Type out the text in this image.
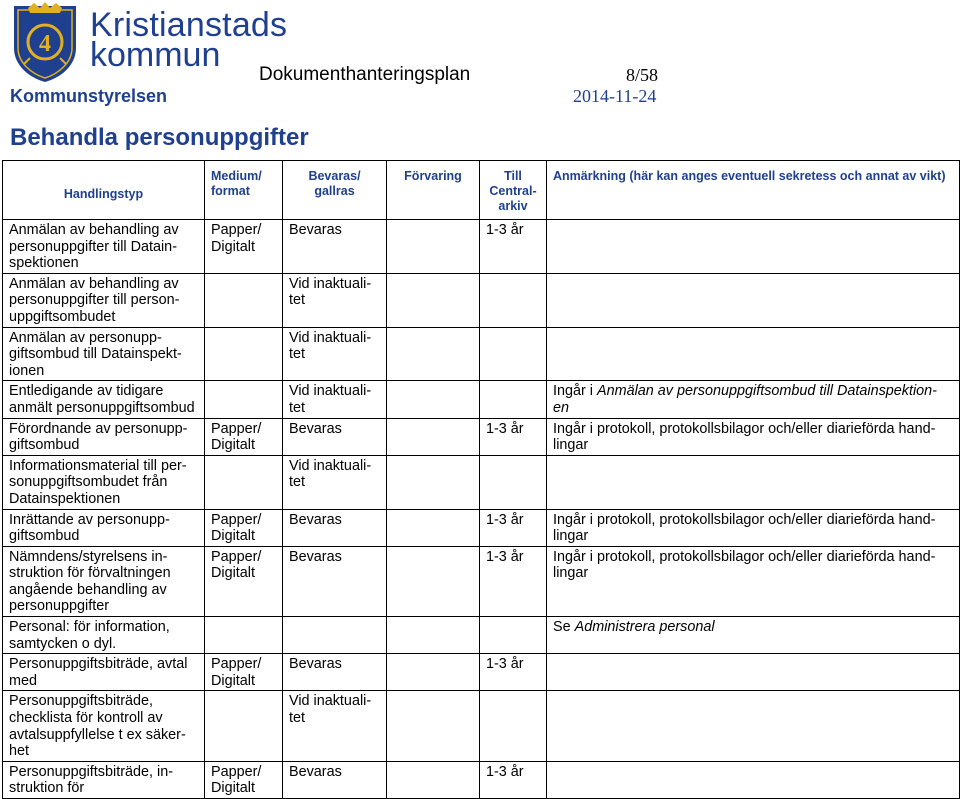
4 Kristianstads
kommun
Dokumenthanteringsplan	8/58
Kommunstyrelsen	2014-11-24
Behandla personuppgifter
Handlingstyp	Medium/ format	Bevaras/ gallras	Förvaring	Till Central- arkiv	Anmärkning (här kan anges eventuell sekretess och annat av vikt)
Anmälan av behandling av personuppgifter till Datain- spektionen	Papper/ Digitalt	Bevaras		1-3 år	
Anmälan av behandling av personuppgifter till person- uppgiftsombudet		Vid inaktuali- tet			
Anmälan av personupp- giftsombud till Datainspekt- ionen		Vid inaktuali- tet			
Entledigande av tidigare anmält personuppgiftsombud		Vid inaktuali- tet			Ingår i Anmälan av personuppgiftsombud till Datainspektion- en
Förordnande av personupp- giftsombud	Papper/ Digitalt	Bevaras		1-3 år	Ingår i protokoll, protokollsbilagor och/eller diarieförda hand- lingar
Informationsmaterial till per- sonuppgiftsombudet från Datainspektionen		Vid inaktuali- tet			
Inrättande av personupp- giftsombud	Papper/ Digitalt	Bevaras		1-3 år	Ingår i protokoll, protokollsbilagor och/eller diarieförda hand- lingar
Nämndens/styrelsens in- struktion för förvaltningen angående behandling av personuppgifter	Papper/ Digitalt	Bevaras		1-3 år	Ingår i protokoll, protokollsbilagor och/eller diarieförda hand- lingar
Personal: för information, samtycken o dyl.					Se Administrera personal
Personuppgiftsbiträde, avtal med	Papper/ Digitalt	Bevaras		1-3 år	
Personuppgiftsbiträde, checklista för kontroll av avtalsuppfyllelse t ex säker- het		Vid inaktuali- tet			
Personuppgiftsbiträde, in- struktion för	Papper/ Digitalt	Bevaras		1-3 år	
